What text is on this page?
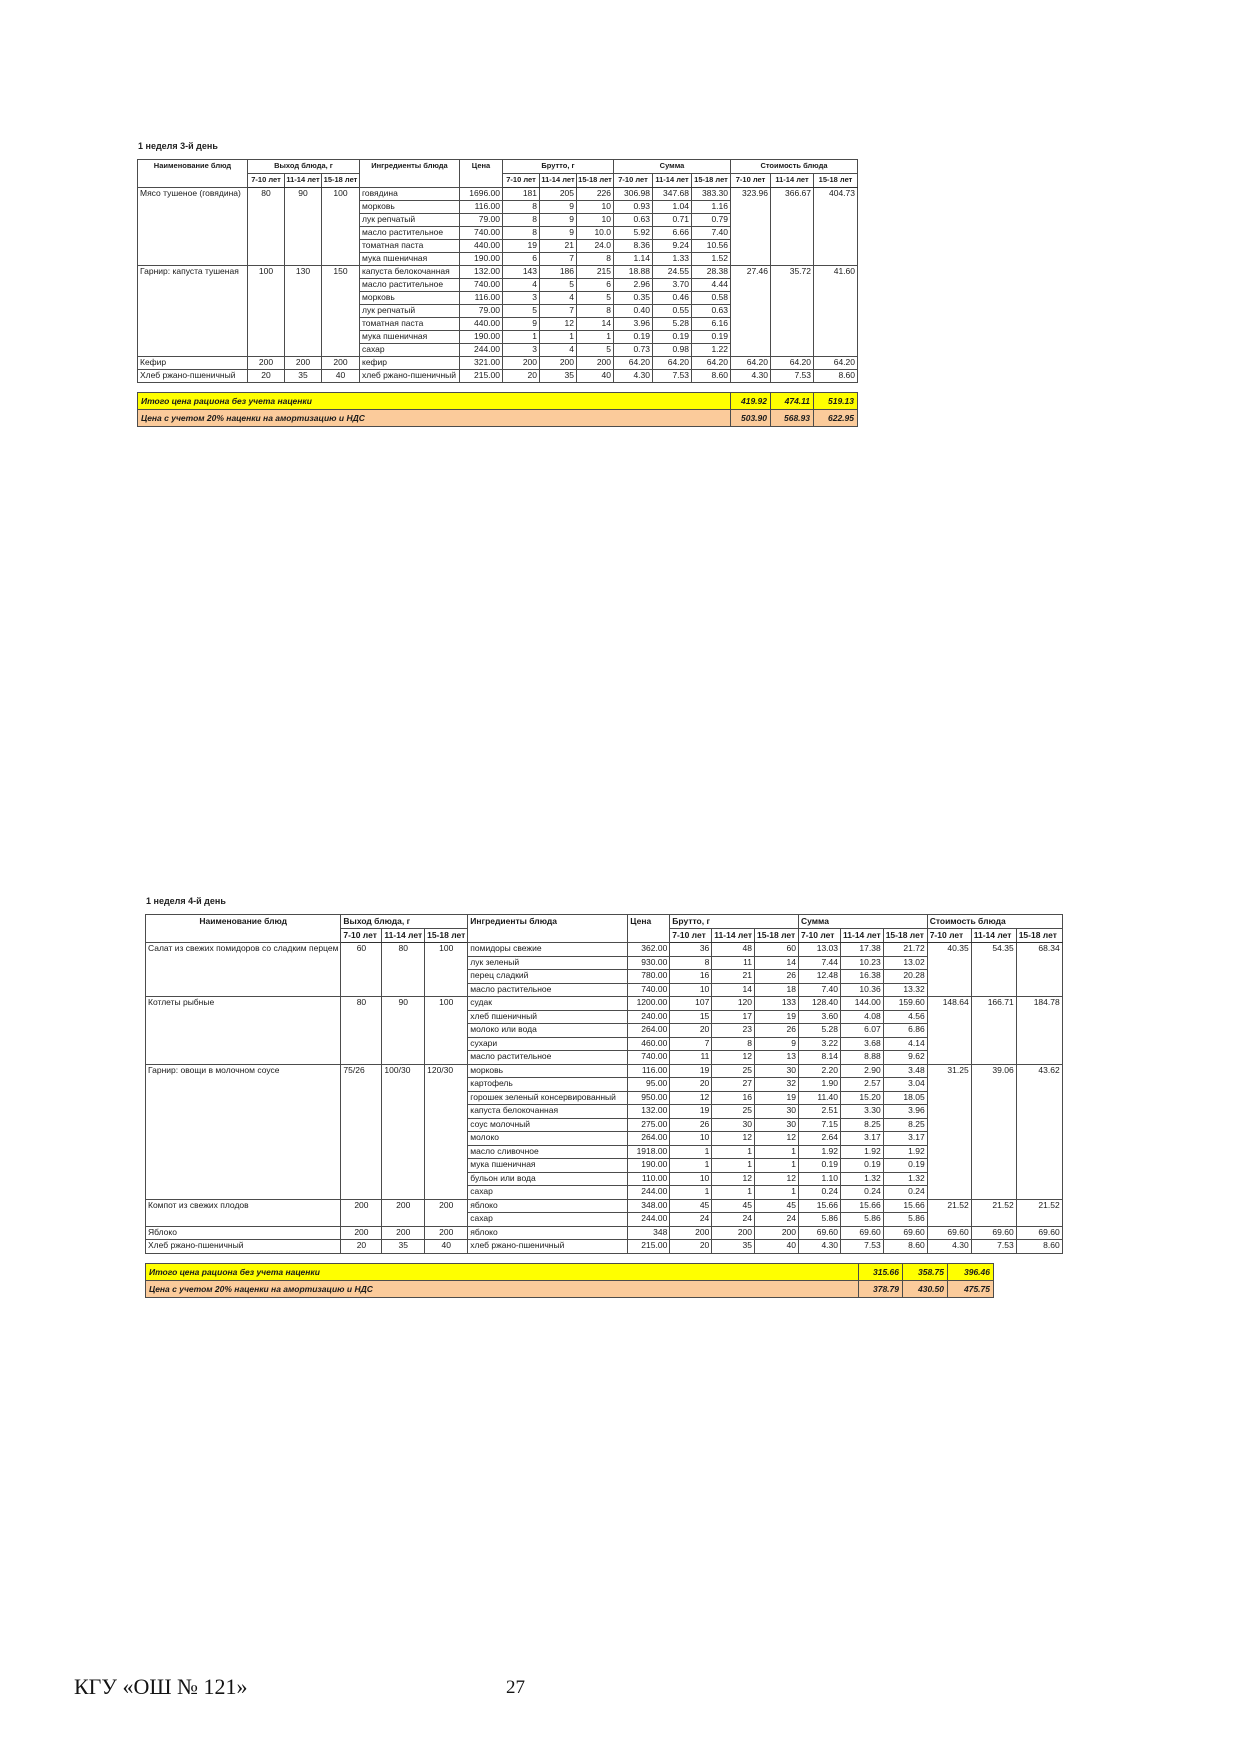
1 неделя 3-й день
Наименование блюд	Выход блюда, г			Ингредиенты блюда	Цена	Брутто, г			Сумма			Стоимость блюда		
	7-10 лет	11-14 лет	15-18 лет			7-10 лет	11-14 лет	15-18 лет	7-10 лет	11-14 лет	15-18 лет	7-10 лет	11-14 лет	15-18 лет
Мясо тушеное (говядина)	80	90	100	говядина	1696.00	181	205	226	306.98	347.68	383.30	323.96	366.67	404.73
				морковь	116.00	8	9	10	0.93	1.04	1.16			
				лук репчатый	79.00	8	9	10	0.63	0.71	0.79			
				масло растительное	740.00	8	9	10.0	5.92	6.66	7.40			
				томатная паста	440.00	19	21	24.0	8.36	9.24	10.56			
				мука пшеничная	190.00	6	7	8	1.14	1.33	1.52			
Гарнир: капуста тушеная	100	130	150	капуста белокочанная	132.00	143	186	215	18.88	24.55	28.38	27.46	35.72	41.60
				масло растительное	740.00	4	5	6	2.96	3.70	4.44			
				морковь	116.00	3	4	5	0.35	0.46	0.58			
				лук репчатый	79.00	5	7	8	0.40	0.55	0.63			
				томатная паста	440.00	9	12	14	3.96	5.28	6.16			
				мука пшеничная	190.00	1	1	1	0.19	0.19	0.19			
				сахар	244.00	3	4	5	0.73	0.98	1.22			
Кефир	200	200	200	кефир	321.00	200	200	200	64.20	64.20	64.20	64.20	64.20	64.20
Хлеб ржано-пшеничный	20	35	40	хлеб ржано-пшеничный	215.00	20	35	40	4.30	7.53	8.60	4.30	7.53	8.60
Итого цена рациона без учета наценки	419.92	474.11	519.13
Цена с учетом 20% наценки на амортизацию и НДС	503.90	568.93	622.95
1 неделя 4-й день
Наименование блюд	Выход блюда, г			Ингредиенты блюда	Цена	Брутто, г			Сумма			Стоимость блюда		
	7-10 лет	11-14 лет	15-18 лет			7-10 лет	11-14 лет	15-18 лет	7-10 лет	11-14 лет	15-18 лет	7-10 лет	11-14 лет	15-18 лет
Салат из свежих помидоров со сладким перцем	60	80	100	помидоры свежие	362.00	36	48	60	13.03	17.38	21.72	40.35	54.35	68.34
				лук зеленый	930.00	8	11	14	7.44	10.23	13.02			
				перец сладкий	780.00	16	21	26	12.48	16.38	20.28			
				масло растительное	740.00	10	14	18	7.40	10.36	13.32			
Котлеты рыбные	80	90	100	судак	1200.00	107	120	133	128.40	144.00	159.60	148.64	166.71	184.78
				хлеб пшеничный	240.00	15	17	19	3.60	4.08	4.56			
				молоко или вода	264.00	20	23	26	5.28	6.07	6.86			
				сухари	460.00	7	8	9	3.22	3.68	4.14			
				масло растительное	740.00	11	12	13	8.14	8.88	9.62			
Гарнир: овощи в молочном соусе	75/26	100/30	120/30	морковь	116.00	19	25	30	2.20	2.90	3.48	31.25	39.06	43.62
				картофель	95.00	20	27	32	1.90	2.57	3.04			
				горошек зеленый консервированный	950.00	12	16	19	11.40	15.20	18.05			
				капуста белокочанная	132.00	19	25	30	2.51	3.30	3.96			
				соус молочный	275.00	26	30	30	7.15	8.25	8.25			
				молоко	264.00	10	12	12	2.64	3.17	3.17			
				масло сливочное	1918.00	1	1	1	1.92	1.92	1.92			
				мука пшеничная	190.00	1	1	1	0.19	0.19	0.19			
				бульон или вода	110.00	10	12	12	1.10	1.32	1.32			
				сахар	244.00	1	1	1	0.24	0.24	0.24			
Компот из свежих плодов	200	200	200	яблоко	348.00	45	45	45	15.66	15.66	15.66	21.52	21.52	21.52
				сахар	244.00	24	24	24	5.86	5.86	5.86			
Яблоко	200	200	200	яблоко	348	200	200	200	69.60	69.60	69.60	69.60	69.60	69.60
Хлеб ржано-пшеничный	20	35	40	хлеб ржано-пшеничный	215.00	20	35	40	4.30	7.53	8.60	4.30	7.53	8.60
Итого цена рациона без учета наценки	315.66	358.75	396.46
Цена с учетом 20% наценки на амортизацию и НДС	378.79	430.50	475.75
КГУ «ОШ № 121»	27
